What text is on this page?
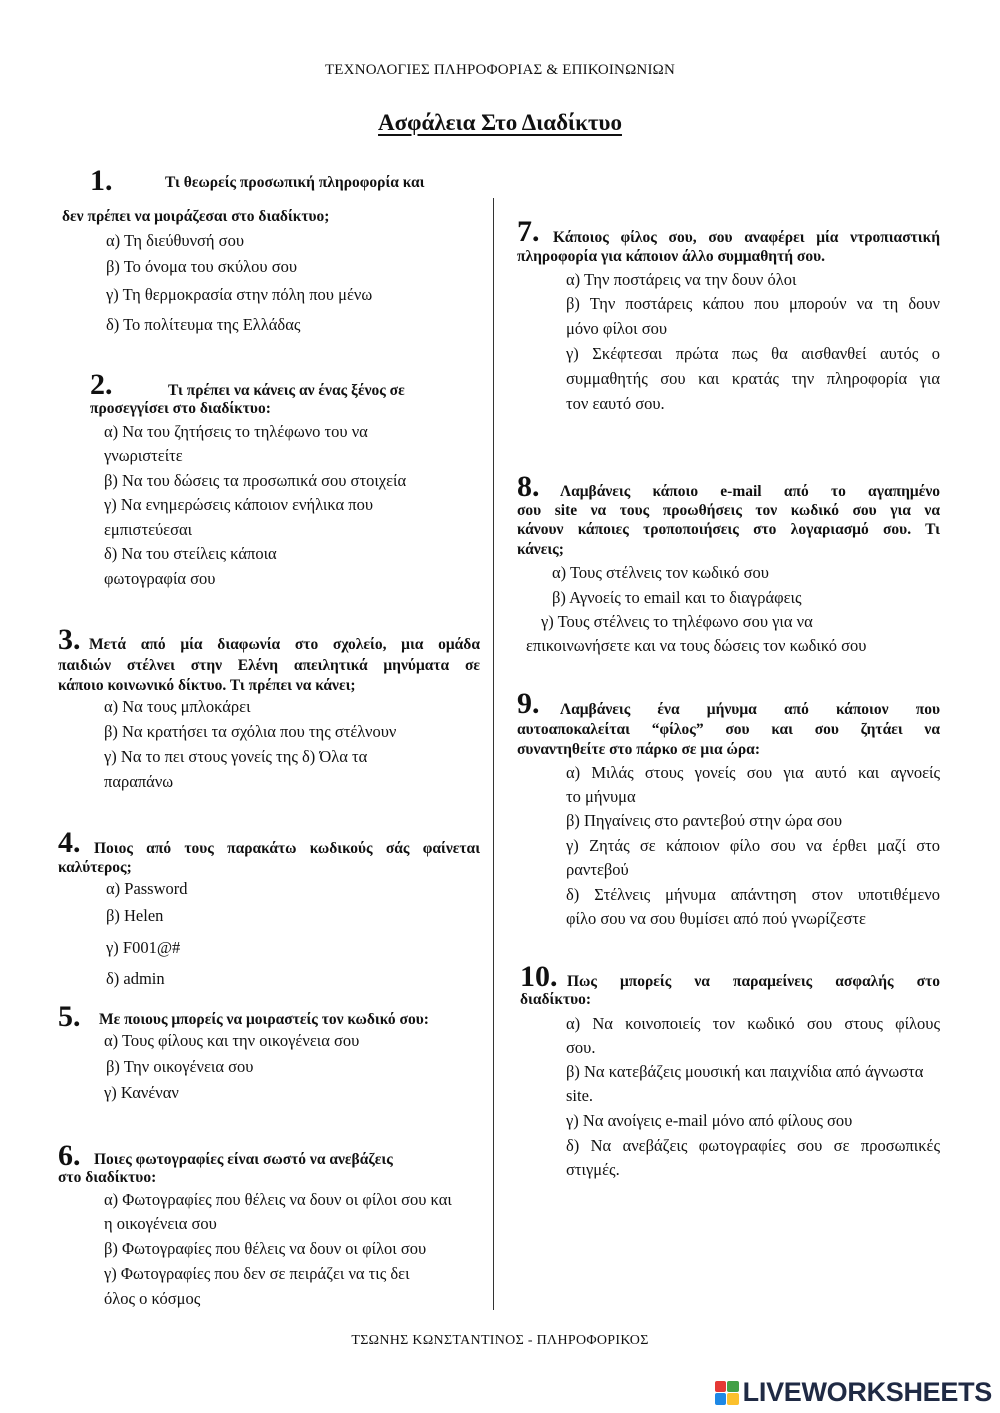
ΤΕΧΝΟΛΟΓΙΕΣ ΠΛΗΡΟΦΟΡΙΑΣ & ΕΠΙΚΟΙΝΩΝΙΩΝ
Ασφάλεια Στο Διαδίκτυο
1.	Τι θεωρείς προσωπική πληροφορία και
δεν πρέπει να μοιράζεσαι στο διαδίκτυο;
α) Τη διεύθυνσή σου
β) Το όνομα του σκύλου σου
γ) Τη θερμοκρασία στην πόλη που μένω
δ) Το πολίτευμα της Ελλάδας
2.	Τι πρέπει να κάνεις αν ένας ξένος σε
προσεγγίσει στο διαδίκτυο:
α) Να του ζητήσεις το τηλέφωνο του να
γνωριστείτε
β) Να του δώσεις τα προσωπικά σου στοιχεία
γ) Να ενημερώσεις κάποιον ενήλικα που
εμπιστεύεσαι
δ) Να του στείλεις κάποια
φωτογραφία σου
3. Μετά από μία διαφωνία στο σχολείο, μια ομάδα
παιδιών στέλνει στην Ελένη απειλητικά μηνύματα σε
κάποιο κοινωνικό δίκτυο. Τι πρέπει να κάνει;
α) Να τους μπλοκάρει
β) Να κρατήσει τα σχόλια που της στέλνουν
γ) Να το πει στους γονείς της δ) Όλα τα
παραπάνω
4. Ποιος από τους παρακάτω κωδικούς σάς φαίνεται
καλύτερος;
α) Password
β) Helen
γ) F001@#
δ) admin
5. Με ποιους μπορείς να μοιραστείς τον κωδικό σου:
α) Τους φίλους και την οικογένεια σου
β) Την οικογένεια σου
γ) Κανέναν
6. Ποιες φωτογραφίες είναι σωστό να ανεβάζεις
στο διαδίκτυο:
α) Φωτογραφίες που θέλεις να δουν οι φίλοι σου και
η οικογένεια σου
β) Φωτογραφίες που θέλεις να δουν οι φίλοι σου
γ) Φωτογραφίες που δεν σε πειράζει να τις δει
όλος ο κόσμος
7. Κάποιος φίλος σου, σου αναφέρει μία ντροπιαστική
πληροφορία για κάποιον άλλο συμμαθητή σου.
α) Την ποστάρεις να την δουν όλοι
β) Την ποστάρεις κάπου που μπορούν να τη δουν
μόνο φίλοι σου
γ) Σκέφτεσαι πρώτα πως θα αισθανθεί αυτός ο
συμμαθητής σου και κρατάς την πληροφορία για
τον εαυτό σου.
8. Λαμβάνεις κάποιο e-mail από το αγαπημένο
σου site να τους προωθήσεις τον κωδικό σου για να
κάνουν κάποιες τροποποιήσεις στο λογαριασμό σου. Τι
κάνεις;
α) Τους στέλνεις τον κωδικό σου
β) Αγνοείς το email και το διαγράφεις
γ) Τους στέλνεις το τηλέφωνο σου για να
επικοινωνήσετε και να τους δώσεις τον κωδικό σου
9. Λαμβάνεις ένα μήνυμα από κάποιον που
αυτοαποκαλείται “φίλος” σου και σου ζητάει να
συναντηθείτε στο πάρκο σε μια ώρα:
α) Μιλάς στους γονείς σου για αυτό και αγνοείς
το μήνυμα
β) Πηγαίνεις στο ραντεβού στην ώρα σου
γ) Ζητάς σε κάποιον φίλο σου να έρθει μαζί στο
ραντεβού
δ) Στέλνεις μήνυμα απάντηση στον υποτιθέμενο
φίλο σου να σου θυμίσει από πού γνωρίζεστε
10. Πως μπορείς να παραμείνεις ασφαλής στο
διαδίκτυο:
α) Να κοινοποιείς τον κωδικό σου στους φίλους
σου.
β) Να κατεβάζεις μουσική και παιχνίδια από άγνωστα
site.
γ) Να ανοίγεις e-mail μόνο από φίλους σου
δ) Να ανεβάζεις φωτογραφίες σου σε προσωπικές
στιγμές.
ΤΣΩΝΗΣ ΚΩΝΣΤΑΝΤΙΝΟΣ - ΠΛΗΡΟΦΟΡΙΚΟΣ
LIVEWORKSHEETS
